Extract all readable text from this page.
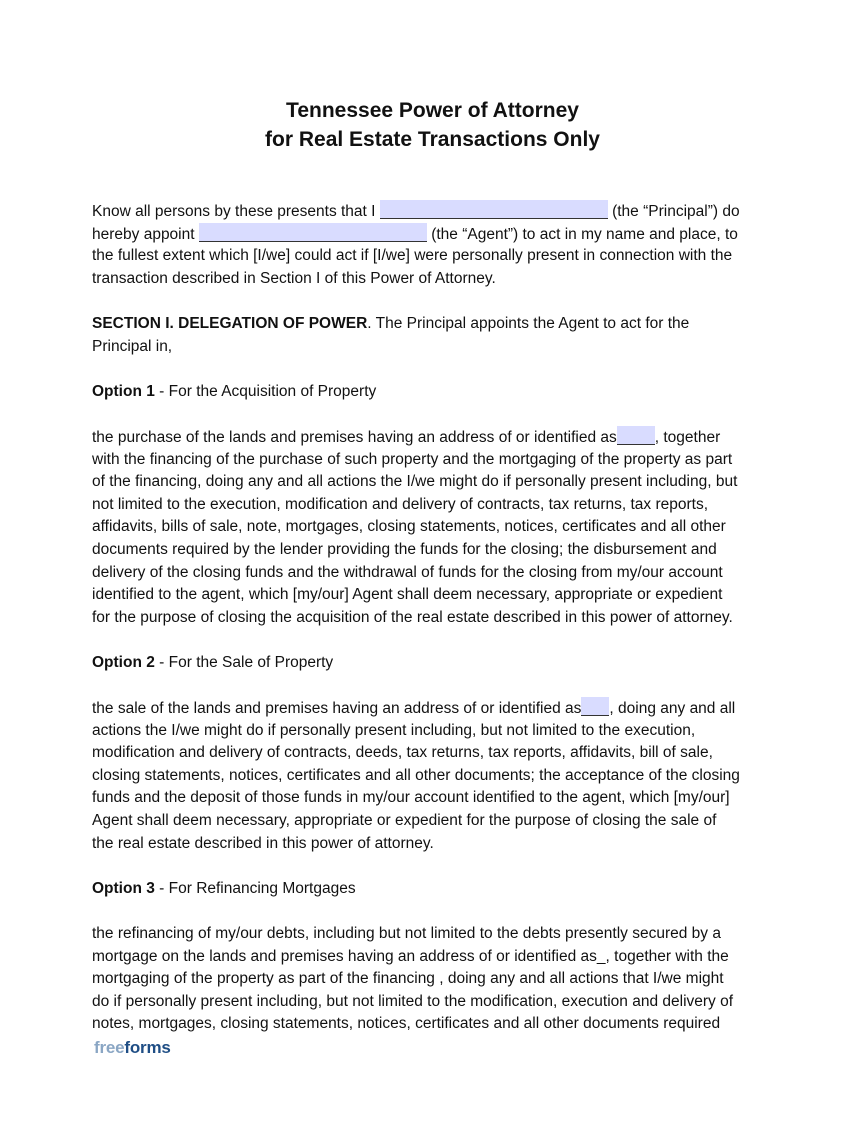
Tennessee Power of Attorney
for Real Estate Transactions Only
Know all persons by these presents that I	(the “Principal”) do
hereby appoint	(the “Agent”) to act in my name and place, to
the fullest extent which [I/we] could act if [I/we] were personally present in connection with the
transaction described in Section I of this Power of Attorney.
SECTION I. DELEGATION OF POWER. The Principal appoints the Agent to act for the
Principal in,
Option 1 - For the Acquisition of Property
the purchase of the lands and premises having an address of or identified as , together
with the financing of the purchase of such property and the mortgaging of the property as part
of the financing, doing any and all actions the I/we might do if personally present including, but
not limited to the execution, modification and delivery of contracts, tax returns, tax reports,
affidavits, bills of sale, note, mortgages, closing statements, notices, certificates and all other
documents required by the lender providing the funds for the closing; the disbursement and
delivery of the closing funds and the withdrawal of funds for the closing from my/our account
identified to the agent, which [my/our] Agent shall deem necessary, appropriate or expedient
for the purpose of closing the acquisition of the real estate described in this power of attorney.
Option 2 - For the Sale of Property
the sale of the lands and premises having an address of or identified as , doing any and all
actions the I/we might do if personally present including, but not limited to the execution,
modification and delivery of contracts, deeds, tax returns, tax reports, affidavits, bill of sale,
closing statements, notices, certificates and all other documents; the acceptance of the closing
funds and the deposit of those funds in my/our account identified to the agent, which [my/our]
Agent shall deem necessary, appropriate or expedient for the purpose of closing the sale of
the real estate described in this power of attorney.
Option 3 - For Refinancing Mortgages
the refinancing of my/our debts, including but not limited to the debts presently secured by a
mortgage on the lands and premises having an address of or identified as_, together with the
mortgaging of the property as part of the financing , doing any and all actions that I/we might
do if personally present including, but not limited to the modification, execution and delivery of
notes, mortgages, closing statements, notices, certificates and all other documents required
freeforms
